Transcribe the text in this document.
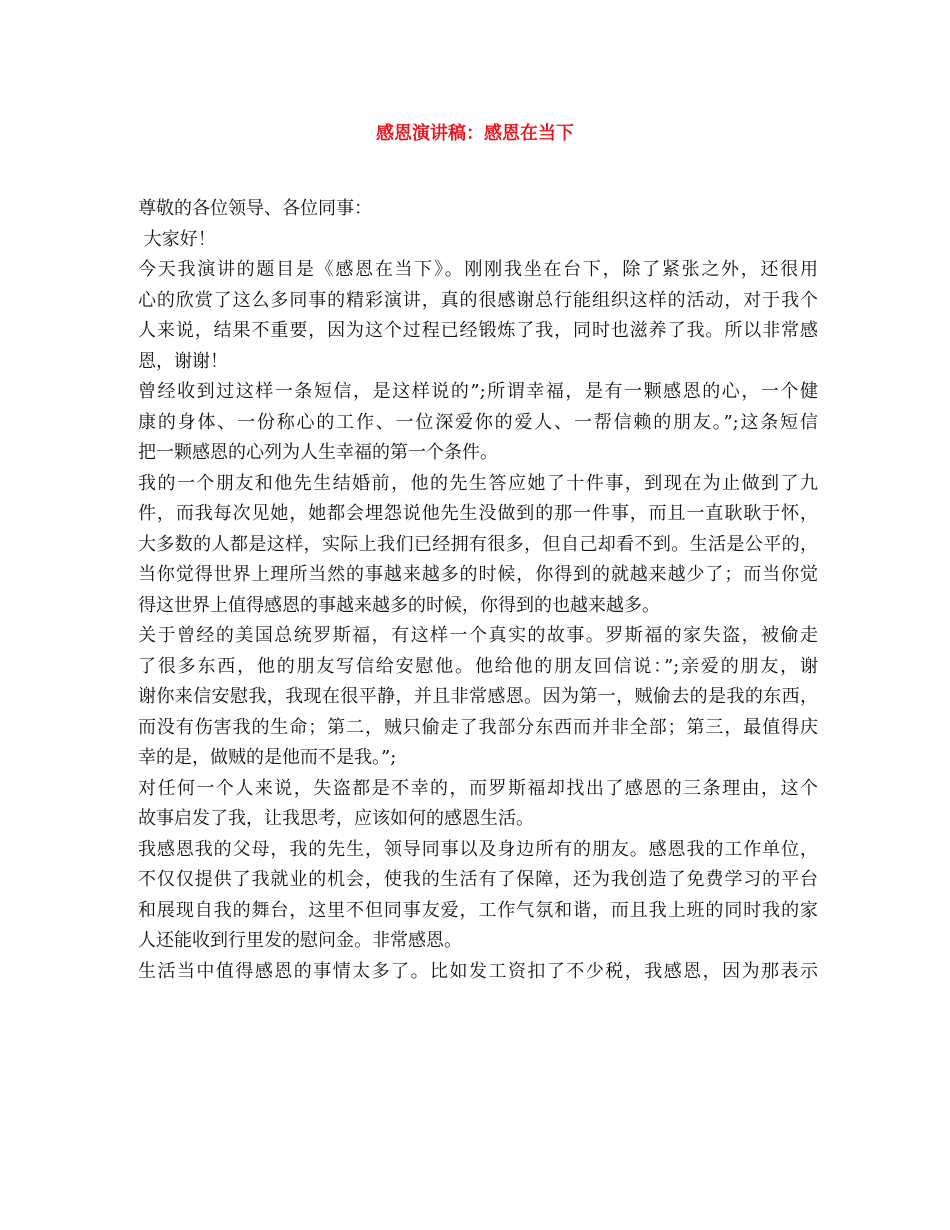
感恩演讲稿：感恩在当下
尊敬的各位领导、各位同事：
大家好！
今天我演讲的题目是《感恩在当下》。刚刚我坐在台下，除了紧张之外，还很用
心的欣赏了这么多同事的精彩演讲，真的很感谢总行能组织这样的活动，对于我个
人来说，结果不重要，因为这个过程已经锻炼了我，同时也滋养了我。所以非常感
恩，谢谢！
曾经收到过这样一条短信，是这样说的”;所谓幸福，是有一颗感恩的心，一个健
康的身体、一份称心的工作、一位深爱你的爱人、一帮信赖的朋友。”;这条短信
把一颗感恩的心列为人生幸福的第一个条件。
我的一个朋友和他先生结婚前，他的先生答应她了十件事，到现在为止做到了九
件，而我每次见她，她都会埋怨说他先生没做到的那一件事，而且一直耿耿于怀，
大多数的人都是这样，实际上我们已经拥有很多，但自己却看不到。生活是公平的，
当你觉得世界上理所当然的事越来越多的时候，你得到的就越来越少了；而当你觉
得这世界上值得感恩的事越来越多的时候，你得到的也越来越多。
关于曾经的美国总统罗斯福，有这样一个真实的故事。罗斯福的家失盗，被偷走
了很多东西，他的朋友写信给安慰他。他给他的朋友回信说：”;亲爱的朋友，谢
谢你来信安慰我，我现在很平静，并且非常感恩。因为第一，贼偷去的是我的东西，
而没有伤害我的生命；第二，贼只偷走了我部分东西而并非全部；第三，最值得庆
幸的是，做贼的是他而不是我。”;
对任何一个人来说，失盗都是不幸的，而罗斯福却找出了感恩的三条理由，这个
故事启发了我，让我思考，应该如何的感恩生活。
我感恩我的父母，我的先生，领导同事以及身边所有的朋友。感恩我的工作单位，
不仅仅提供了我就业的机会，使我的生活有了保障，还为我创造了免费学习的平台
和展现自我的舞台，这里不但同事友爱，工作气氛和谐，而且我上班的同时我的家
人还能收到行里发的慰问金。非常感恩。
生活当中值得感恩的事情太多了。比如发工资扣了不少税，我感恩，因为那表示
